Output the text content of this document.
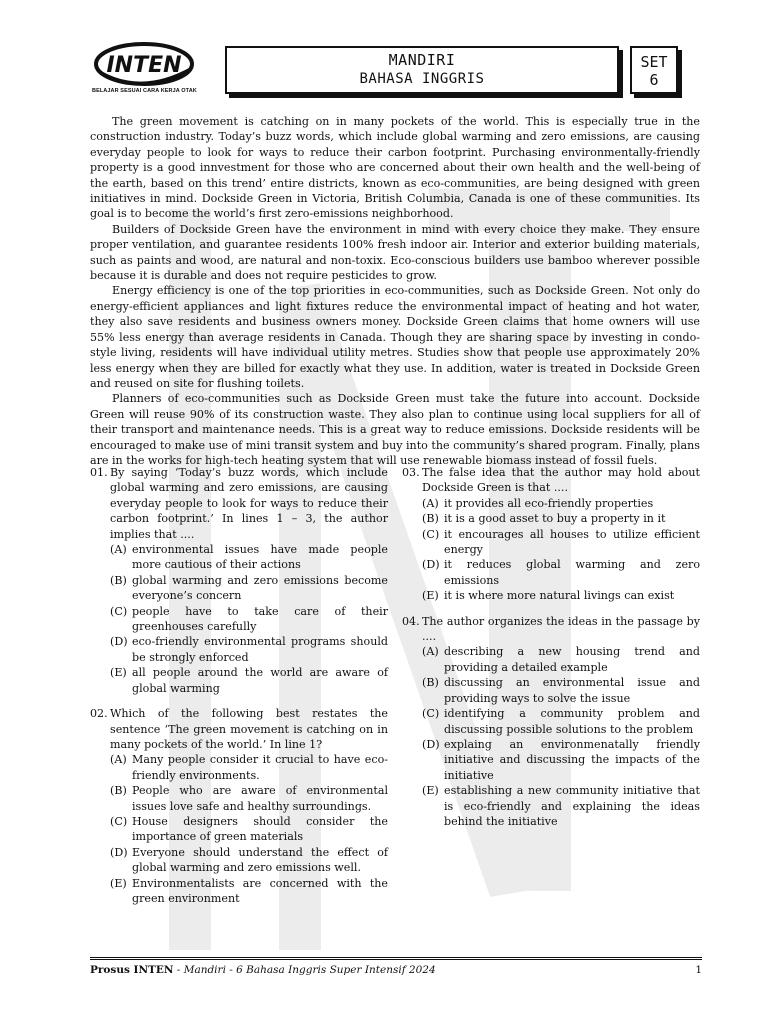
INTEN
BELAJAR SESUAI CARA KERJA OTAK
MANDIRI
BAHASA INGGRIS
SET
6

The green movement is catching on in many pockets of the world. This is especially true in the construction industry. Today’s buzz words, which include global warming and zero emissions, are causing everyday people to look for ways to reduce their carbon footprint. Purchasing environmentally-friendly property is a good innvestment for those who are concerned about their own health and the well-being of the earth, based on this trend’ entire districts, known as eco-communities, are being designed with green initiatives in mind. Dockside Green in Victoria, British Columbia, Canada is one of these communities. Its goal is to become the world’s first zero-emissions neighborhood.

Builders of Dockside Green have the environment in mind with every choice they make. They ensure proper ventilation, and guarantee residents 100% fresh indoor air. Interior and exterior building materials, such as paints and wood, are natural and non-toxix. Eco-conscious builders use bamboo wherever possible because it is durable and does not require pesticides to grow.

Energy efficiency is one of the top priorities in eco-communities, such as Dockside Green. Not only do energy-efficient appliances and light fixtures reduce the environmental impact of heating and hot water, they also save residents and business owners money. Dockside Green claims that home owners will use 55% less energy than average residents in Canada. Though they are sharing space by investing in condo-style living, residents will have individual utility metres. Studies show that people use approximately 20% less energy when they are billed for exactly what they use. In addition, water is treated in Dockside Green and reused on site for flushing toilets.

Planners of eco-communities such as Dockside Green must take the future into account. Dockside Green will reuse 90% of its construction waste. They also plan to continue using local suppliers for all of their transport and maintenance needs. This is a great way to reduce emissions. Dockside residents will be encouraged to make use of mini transit system and buy into the community’s shared program. Finally, plans are in the works for high-tech heating system that will use renewable biomass instead of fossil fuels.

01. By saying ‘Today’s buzz words, which include global warming and zero emissions, are causing everyday people to look for ways to reduce their carbon footprint.’ In lines 1 – 3, the author implies that ....
(A) environmental issues have made people more cautious of their actions
(B) global warming and zero emissions become everyone’s concern
(C) people have to take care of their greenhouses carefully
(D) eco-friendly environmental programs should be strongly enforced
(E) all people around the world are aware of global warming
02. Which of the following best restates the sentence ‘The green movement is catching on in many pockets of the world.’ In line 1?
(A) Many people consider it crucial to have eco-friendly environments.
(B) People who are aware of environmental issues love safe and healthy surroundings.
(C) House designers should consider the importance of green materials
(D) Everyone should understand the effect of global warming and zero emissions well.
(E) Environmentalists are concerned with the green environment
03. The false idea that the author may hold about Dockside Green is that ....
(A) it provides all eco-friendly properties
(B) it is a good asset to buy a property in it
(C) it encourages all houses to utilize efficient energy
(D) it reduces global warming and zero emissions
(E) it is where more natural livings can exist
04. The author organizes the ideas in the passage by ....
(A) describing a new housing trend and providing a detailed example
(B) discussing an environmental issue and providing ways to solve the issue
(C) identifying a community problem and discussing possible solutions to the problem
(D) explaing an environmenatally friendly initiative and discussing the impacts of the initiative
(E) establishing a new community initiative that is eco-friendly and explaining the ideas behind the initiative
Prosus INTEN - Mandiri - 6 Bahasa Inggris Super Intensif 2024	1
